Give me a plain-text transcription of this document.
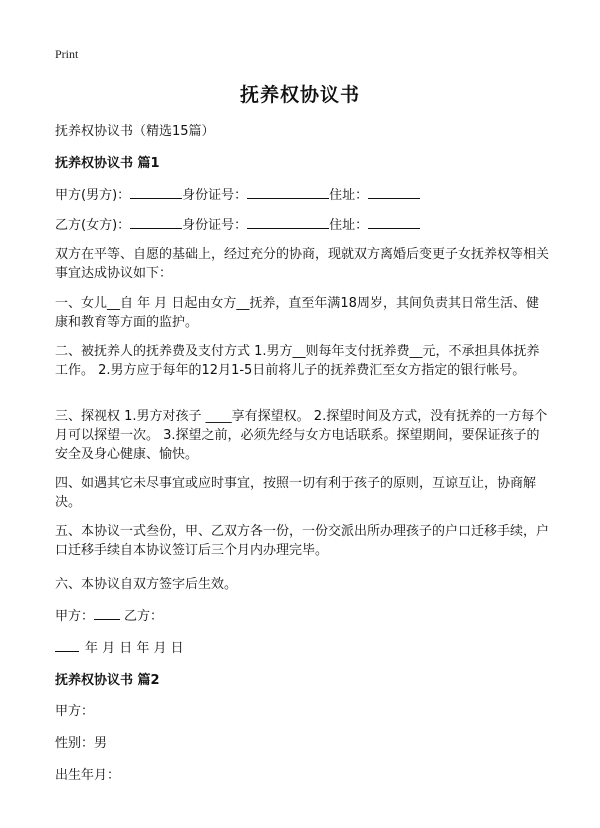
Print
抚养权协议书
抚养权协议书（精选15篇）
抚养权协议书 篇1
甲方(男方)：	身份证号：	住址：
乙方(女方)：	身份证号：	住址：
双方在平等、自愿的基础上，经过充分的协商，现就双方离婚后变更子女抚养权等相关事宜达成协议如下：
一、女儿__自 年 月 日起由女方__抚养，直至年满18周岁，其间负责其日常生活、健康和教育等方面的监护。
二、被抚养人的抚养费及支付方式 1.男方__则每年支付抚养费__元，不承担具体抚养工作。 2.男方应于每年的12月1-5日前将儿子的抚养费汇至女方指定的银行帐号。
三、探视权 1.男方对孩子 ____享有探望权。 2.探望时间及方式，没有抚养的一方每个月可以探望一次。 3.探望之前，必须先经与女方电话联系。探望期间，要保证孩子的安全及身心健康、愉快。
四、如遇其它未尽事宜或应时事宜，按照一切有利于孩子的原则，互谅互让，协商解决。
五、本协议一式叁份，甲、乙双方各一份，一份交派出所办理孩子的户口迁移手续，户口迁移手续自本协议签订后三个月内办理完毕。
六、本协议自双方签字后生效。
甲方： 乙方：
年 月 日 年 月 日
抚养权协议书 篇2
甲方：
性别：男
出生年月：
